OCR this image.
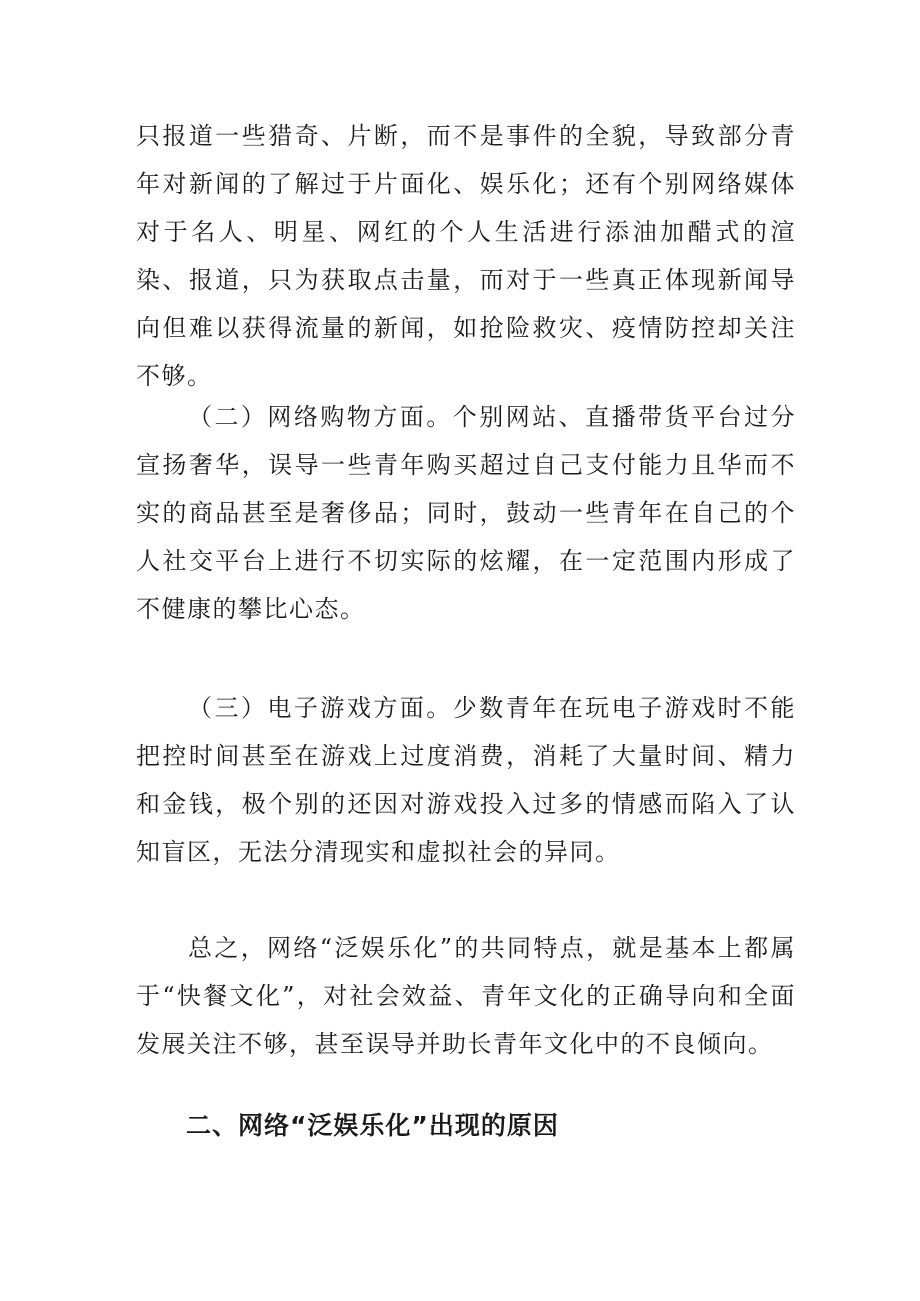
只报道一些猎奇、片断，而不是事件的全貌，导致部分青年对新闻的了解过于片面化、娱乐化；还有个别网络媒体对于名人、明星、网红的个人生活进行添油加醋式的渲染、报道，只为获取点击量，而对于一些真正体现新闻导向但难以获得流量的新闻，如抢险救灾、疫情防控却关注不够。

（二）网络购物方面。个别网站、直播带货平台过分宣扬奢华，误导一些青年购买超过自己支付能力且华而不实的商品甚至是奢侈品；同时，鼓动一些青年在自己的个人社交平台上进行不切实际的炫耀，在一定范围内形成了不健康的攀比心态。

（三）电子游戏方面。少数青年在玩电子游戏时不能把控时间甚至在游戏上过度消费，消耗了大量时间、精力和金钱，极个别的还因对游戏投入过多的情感而陷入了认知盲区，无法分清现实和虚拟社会的异同。

总之，网络“泛娱乐化”的共同特点，就是基本上都属于“快餐文化”，对社会效益、青年文化的正确导向和全面发展关注不够，甚至误导并助长青年文化中的不良倾向。

二、网络“泛娱乐化”出现的原因
